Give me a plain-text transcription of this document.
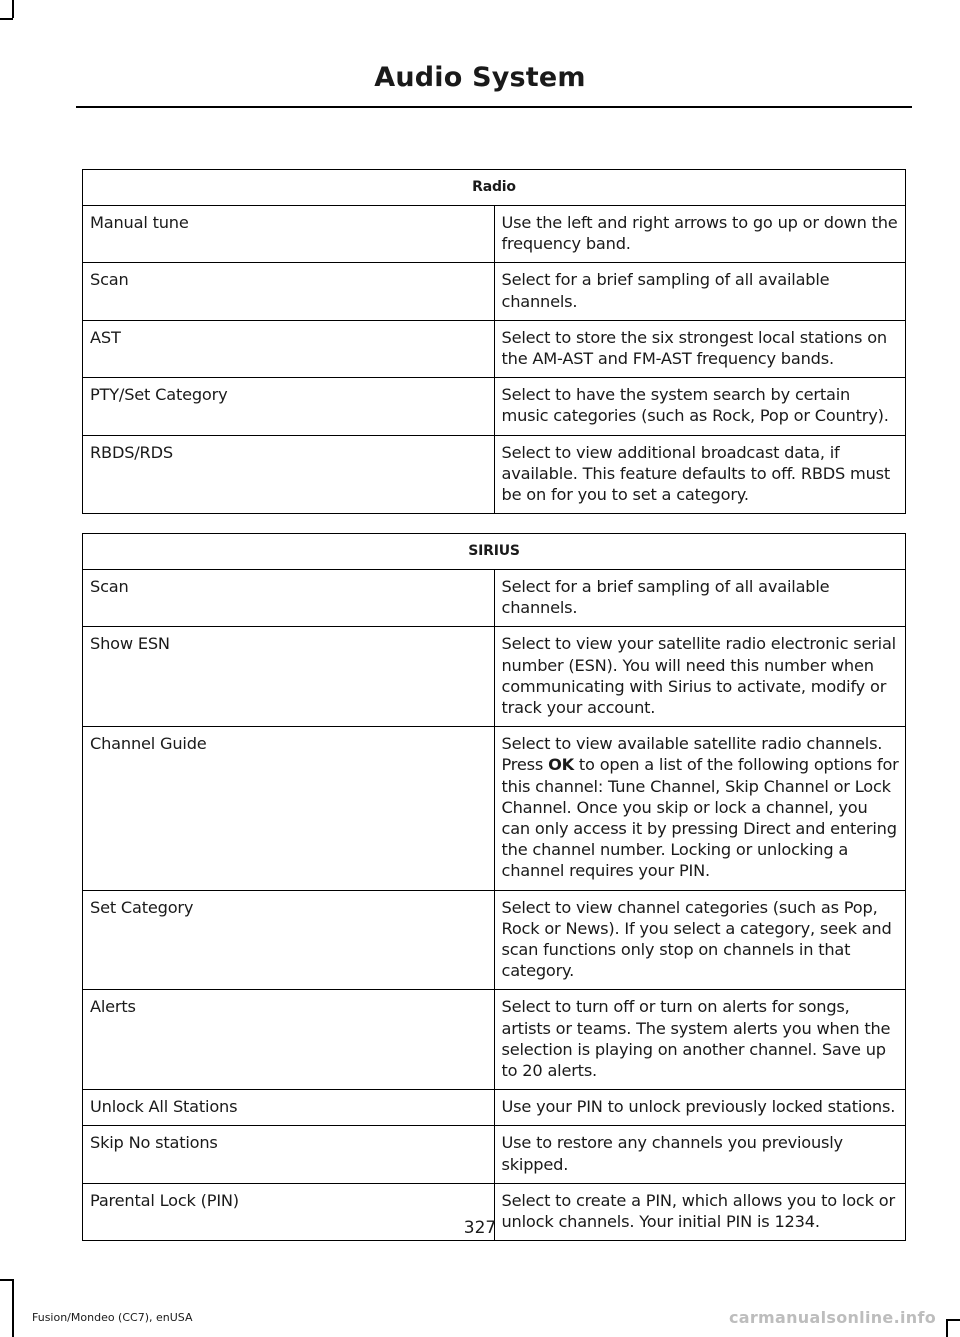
Audio System
Radio	
Manual tune	Use the left and right arrows to go up or down the frequency band.
Scan	Select for a brief sampling of all available channels.
AST	Select to store the six strongest local stations on the AM-AST and FM-AST frequency bands.
PTY/Set Category	Select to have the system search by certain music categories (such as Rock, Pop or Country).
RBDS/RDS	Select to view additional broadcast data, if available. This feature defaults to off. RBDS must be on for you to set a category.
SIRIUS	
Scan	Select for a brief sampling of all available channels.
Show ESN	Select to view your satellite radio electronic serial number (ESN). You will need this number when communicating with Sirius to activate, modify or track your account.
Channel Guide	Select to view available satellite radio channels. Press OK to open a list of the following options for this channel: Tune Channel, Skip Channel or Lock Channel. Once you skip or lock a channel, you can only access it by pressing Direct and entering the channel number. Locking or unlocking a channel requires your PIN.
Set Category	Select to view channel categories (such as Pop, Rock or News). If you select a category, seek and scan functions only stop on channels in that category.
Alerts	Select to turn off or turn on alerts for songs, artists or teams. The system alerts you when the selection is playing on another channel. Save up to 20 alerts.
Unlock All Stations	Use your PIN to unlock previously locked stations.
Skip No stations	Use to restore any channels you previously skipped.
Parental Lock (PIN)	Select to create a PIN, which allows you to lock or unlock channels. Your initial PIN is 1234.
327
Fusion/Mondeo (CC7), enUSA	carmanualsonline.info
